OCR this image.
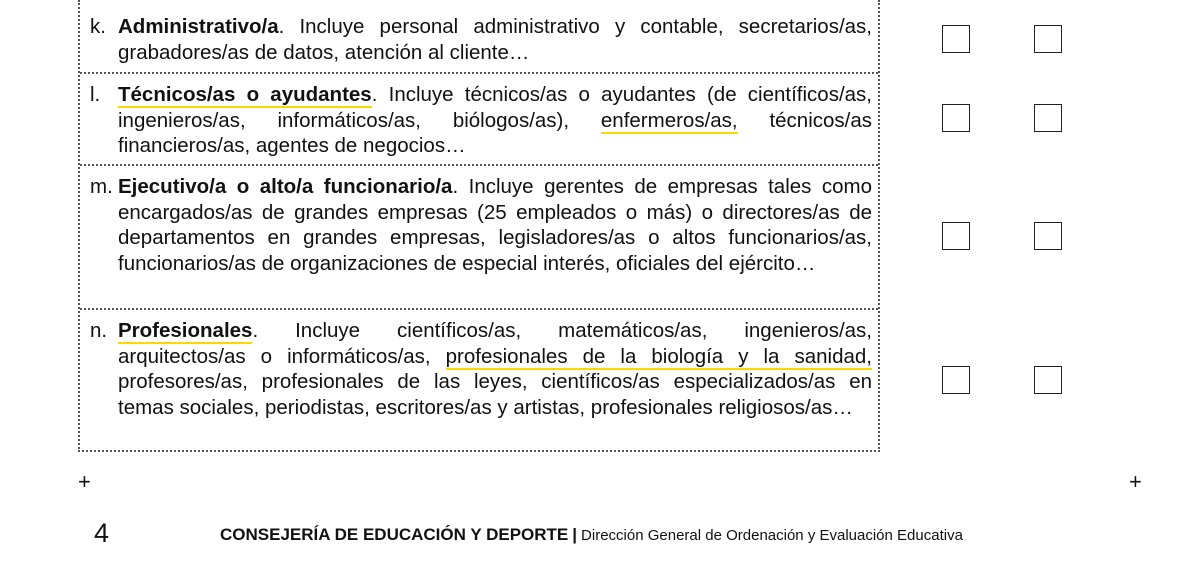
k. Administrativo/a. Incluye personal administrativo y contable, secretarios/as, grabadores/as de datos, atención al cliente…
l. Técnicos/as o ayudantes. Incluye técnicos/as o ayudantes (de científicos/as, ingenieros/as, informáticos/as, biólogos/as), enfermeros/as, técnicos/as financieros/as, agentes de negocios…
m. Ejecutivo/a o alto/a funcionario/a. Incluye gerentes de empresas tales como encargados/as de grandes empresas (25 empleados o más) o directores/as de departamentos en grandes empresas, legisladores/as o altos funcionarios/as, funcionarios/as de organizaciones de especial interés, oficiales del ejército…
n. Profesionales. Incluye científicos/as, matemáticos/as, ingenieros/as, arquitectos/as o informáticos/as, profesionales de la biología y la sanidad, profesores/as, profesionales de las leyes, científicos/as especializados/as en temas sociales, periodistas, escritores/as y artistas, profesionales religiosos/as…
+	+
4	CONSEJERÍA DE EDUCACIÓN Y DEPORTE | Dirección General de Ordenación y Evaluación Educativa
